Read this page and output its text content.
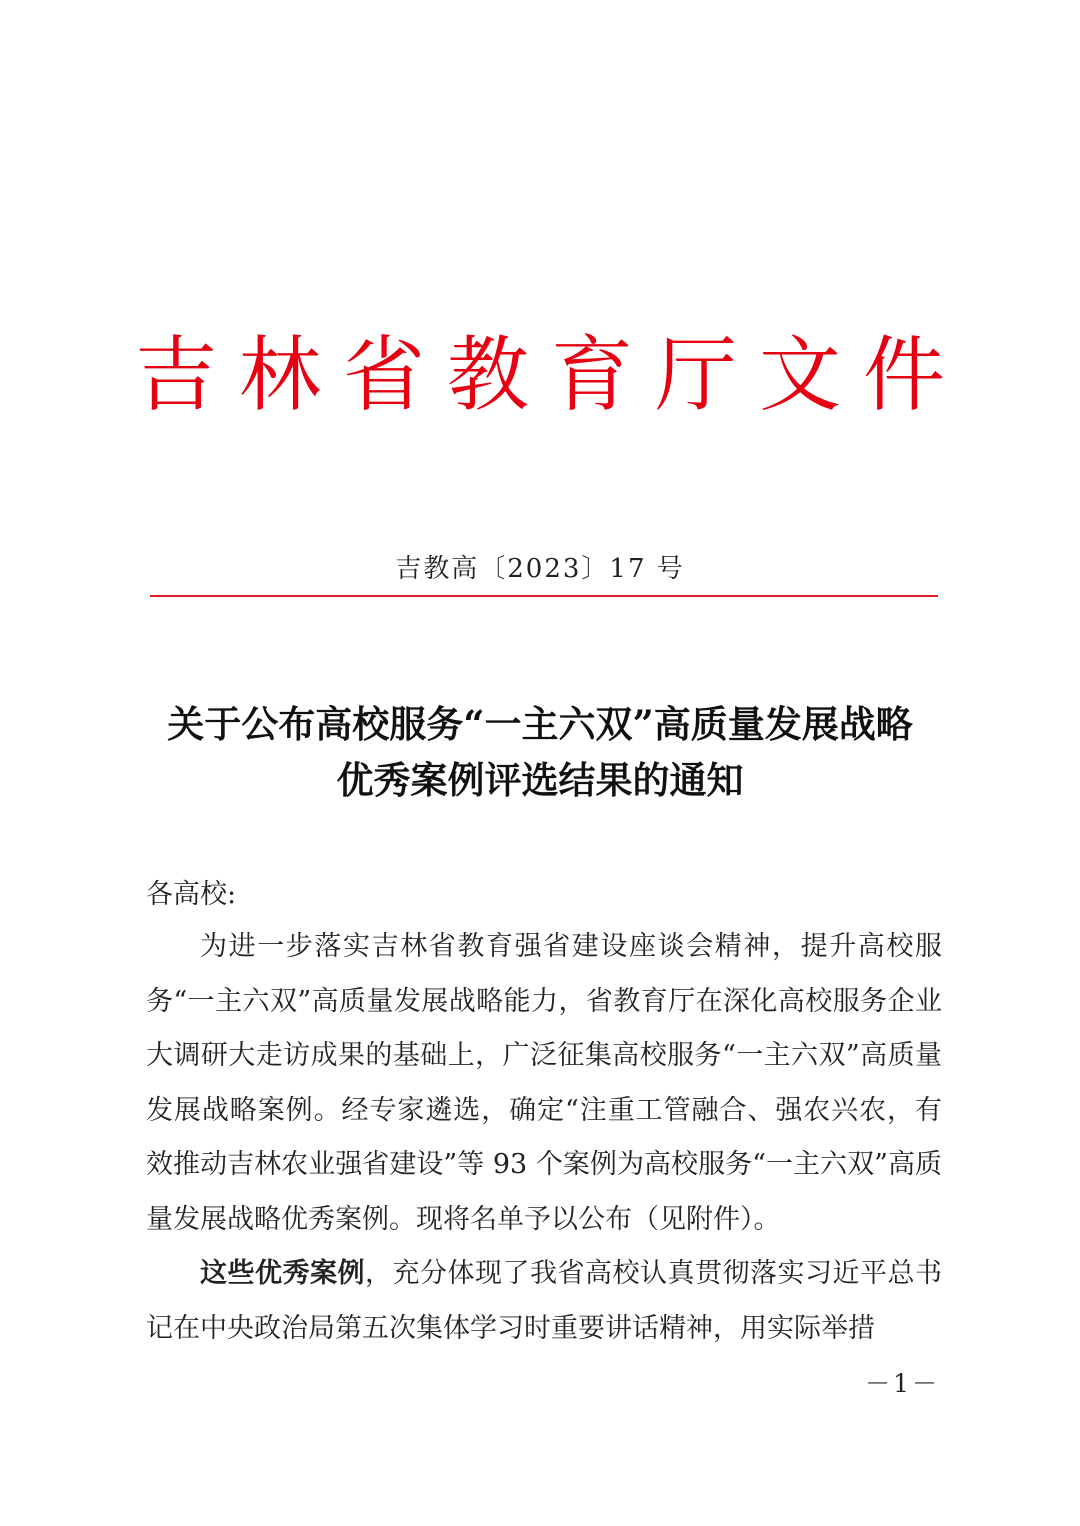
吉林省教育厅文件
吉教高〔2023〕17 号
关于公布高校服务“一主六双”高质量发展战略
优秀案例评选结果的通知
各高校:

为进一步落实吉林省教育强省建设座谈会精神，提升高校服务“一主六双”高质量发展战略能力，省教育厅在深化高校服务企业大调研大走访成果的基础上，广泛征集高校服务“一主六双”高质量发展战略案例。经专家遴选，确定“注重工管融合、强农兴农，有效推动吉林农业强省建设”等 93 个案例为高校服务“一主六双”高质量发展战略优秀案例。现将名单予以公布（见附件）。

这些优秀案例，充分体现了我省高校认真贯彻落实习近平总书记在中央政治局第五次集体学习时重要讲话精神，用实际举措

－1－
